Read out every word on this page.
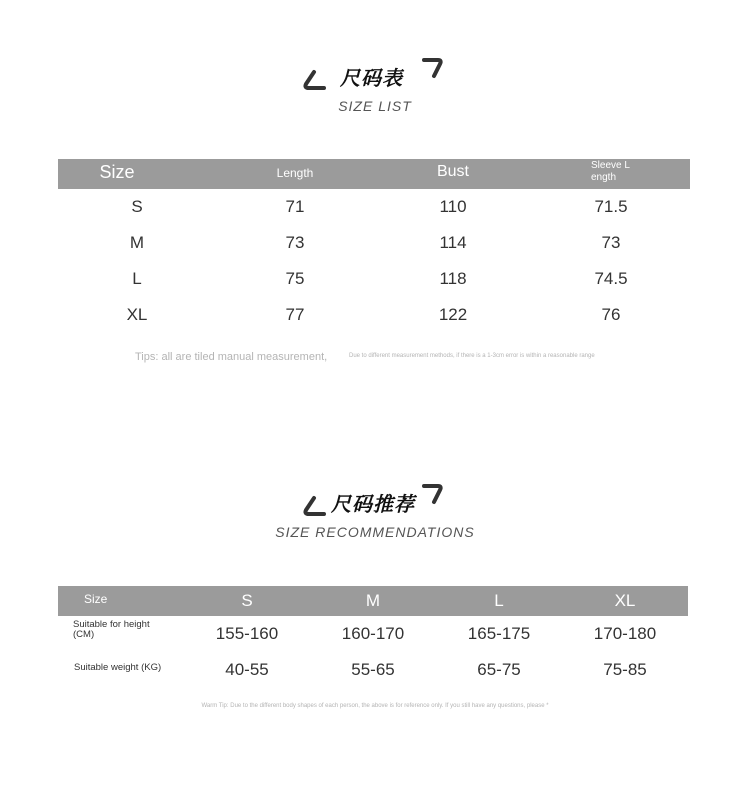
尺码表
SIZE LIST
Size	Length	Bust	Sleeve L
ength
S	71	110	71.5
M	73	114	73
L	75	118	74.5
XL	77	122	76
Tips: all are tiled manual measurement,	Due to different measurement methods, if there is a 1-3cm error is within a reasonable range
尺码推荐
SIZE RECOMMENDATIONS
Size	S	M	L	XL
Suitable for height
(CM)	155-160	160-170	165-175	170-180
Suitable weight (KG)	40-55	55-65	65-75	75-85
Warm Tip: Due to the different body shapes of each person, the above is for reference only. If you still have any questions, please *
